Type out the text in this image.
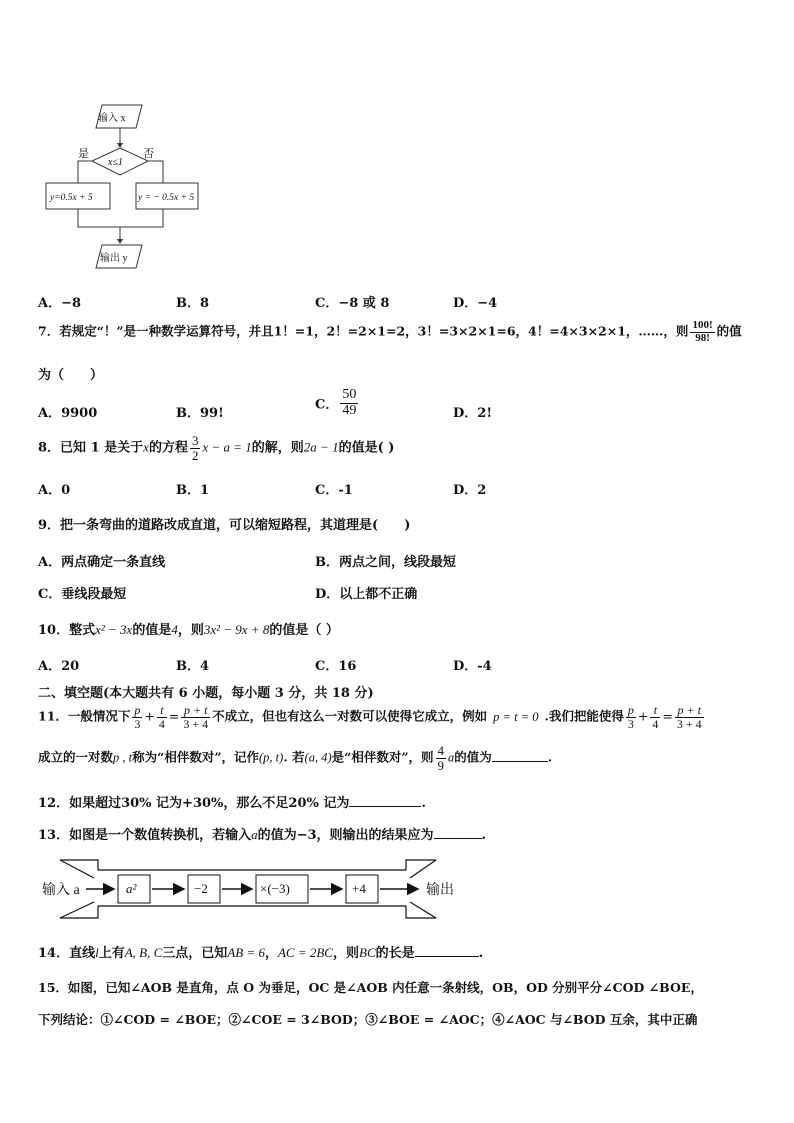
输入 x
x≤1
是	否
y=0.5x + 5	y = − 0.5x + 5
输出 y
A．−8	B．8	C．−8 或 8	D．−4
7．若规定“！”是一种数学运算符号，并且1！=1，2！=2×1=2，3！=3×2×1=6，4！=4×3×2×1，……，则 $\frac{100!}{98!}$ 的值
为（　　）
A．9900	B．99!
C． $\frac{50}{49}$	D．2!
8．已知 1 是关于x的方程 $\frac{3}{2}$ x − a = 1的解，则2a − 1的值是( )
A．0	B．1	C．-1	D．2
9．把一条弯曲的道路改成直道，可以缩短路程，其道理是(　　)
A．两点确定一条直线	B．两点之间，线段最短
C．垂线段最短	D．以上都不正确
10．整式x² − 3x的值是4，则3x² − 9x + 8的值是（ ）
A．20	B．4	C．16	D．-4
二、填空题(本大题共有 6 小题，每小题 3 分，共 18 分)
11．一般情况下 $\frac{p}{3} + \frac{t}{4} = \frac{p + t}{3 + 4}$ 不成立，但也有这么一对数可以使得它成立，例如 p = t = 0 .我们把能使得 $\frac{p}{3} + \frac{t}{4} = \frac{p + t}{3 + 4}$
成立的一对数p , t称为“相伴数对”，记作(p, t). 若(a, 4)是“相伴数对”，则 $\frac{4}{9}$ a的值为	.
12．如果超过30% 记为+30%，那么不足20% 记为	.
13．如图是一个数值转换机，若输入a的值为−3，则输出的结果应为	.
输入 a	a²	−2	×(−3)	+4	输出
14．直线l上有A, B, C三点，已知AB = 6，AC = 2BC，则BC的长是	.
15．如图，已知∠AOB 是直角，点 O 为垂足，OC 是∠AOB 内任意一条射线，OB，OD 分别平分∠COD ∠BOE，
下列结论：①∠COD = ∠BOE；②∠COE = 3∠BOD；③∠BOE = ∠AOC；④∠AOC 与∠BOD 互余，其中正确
